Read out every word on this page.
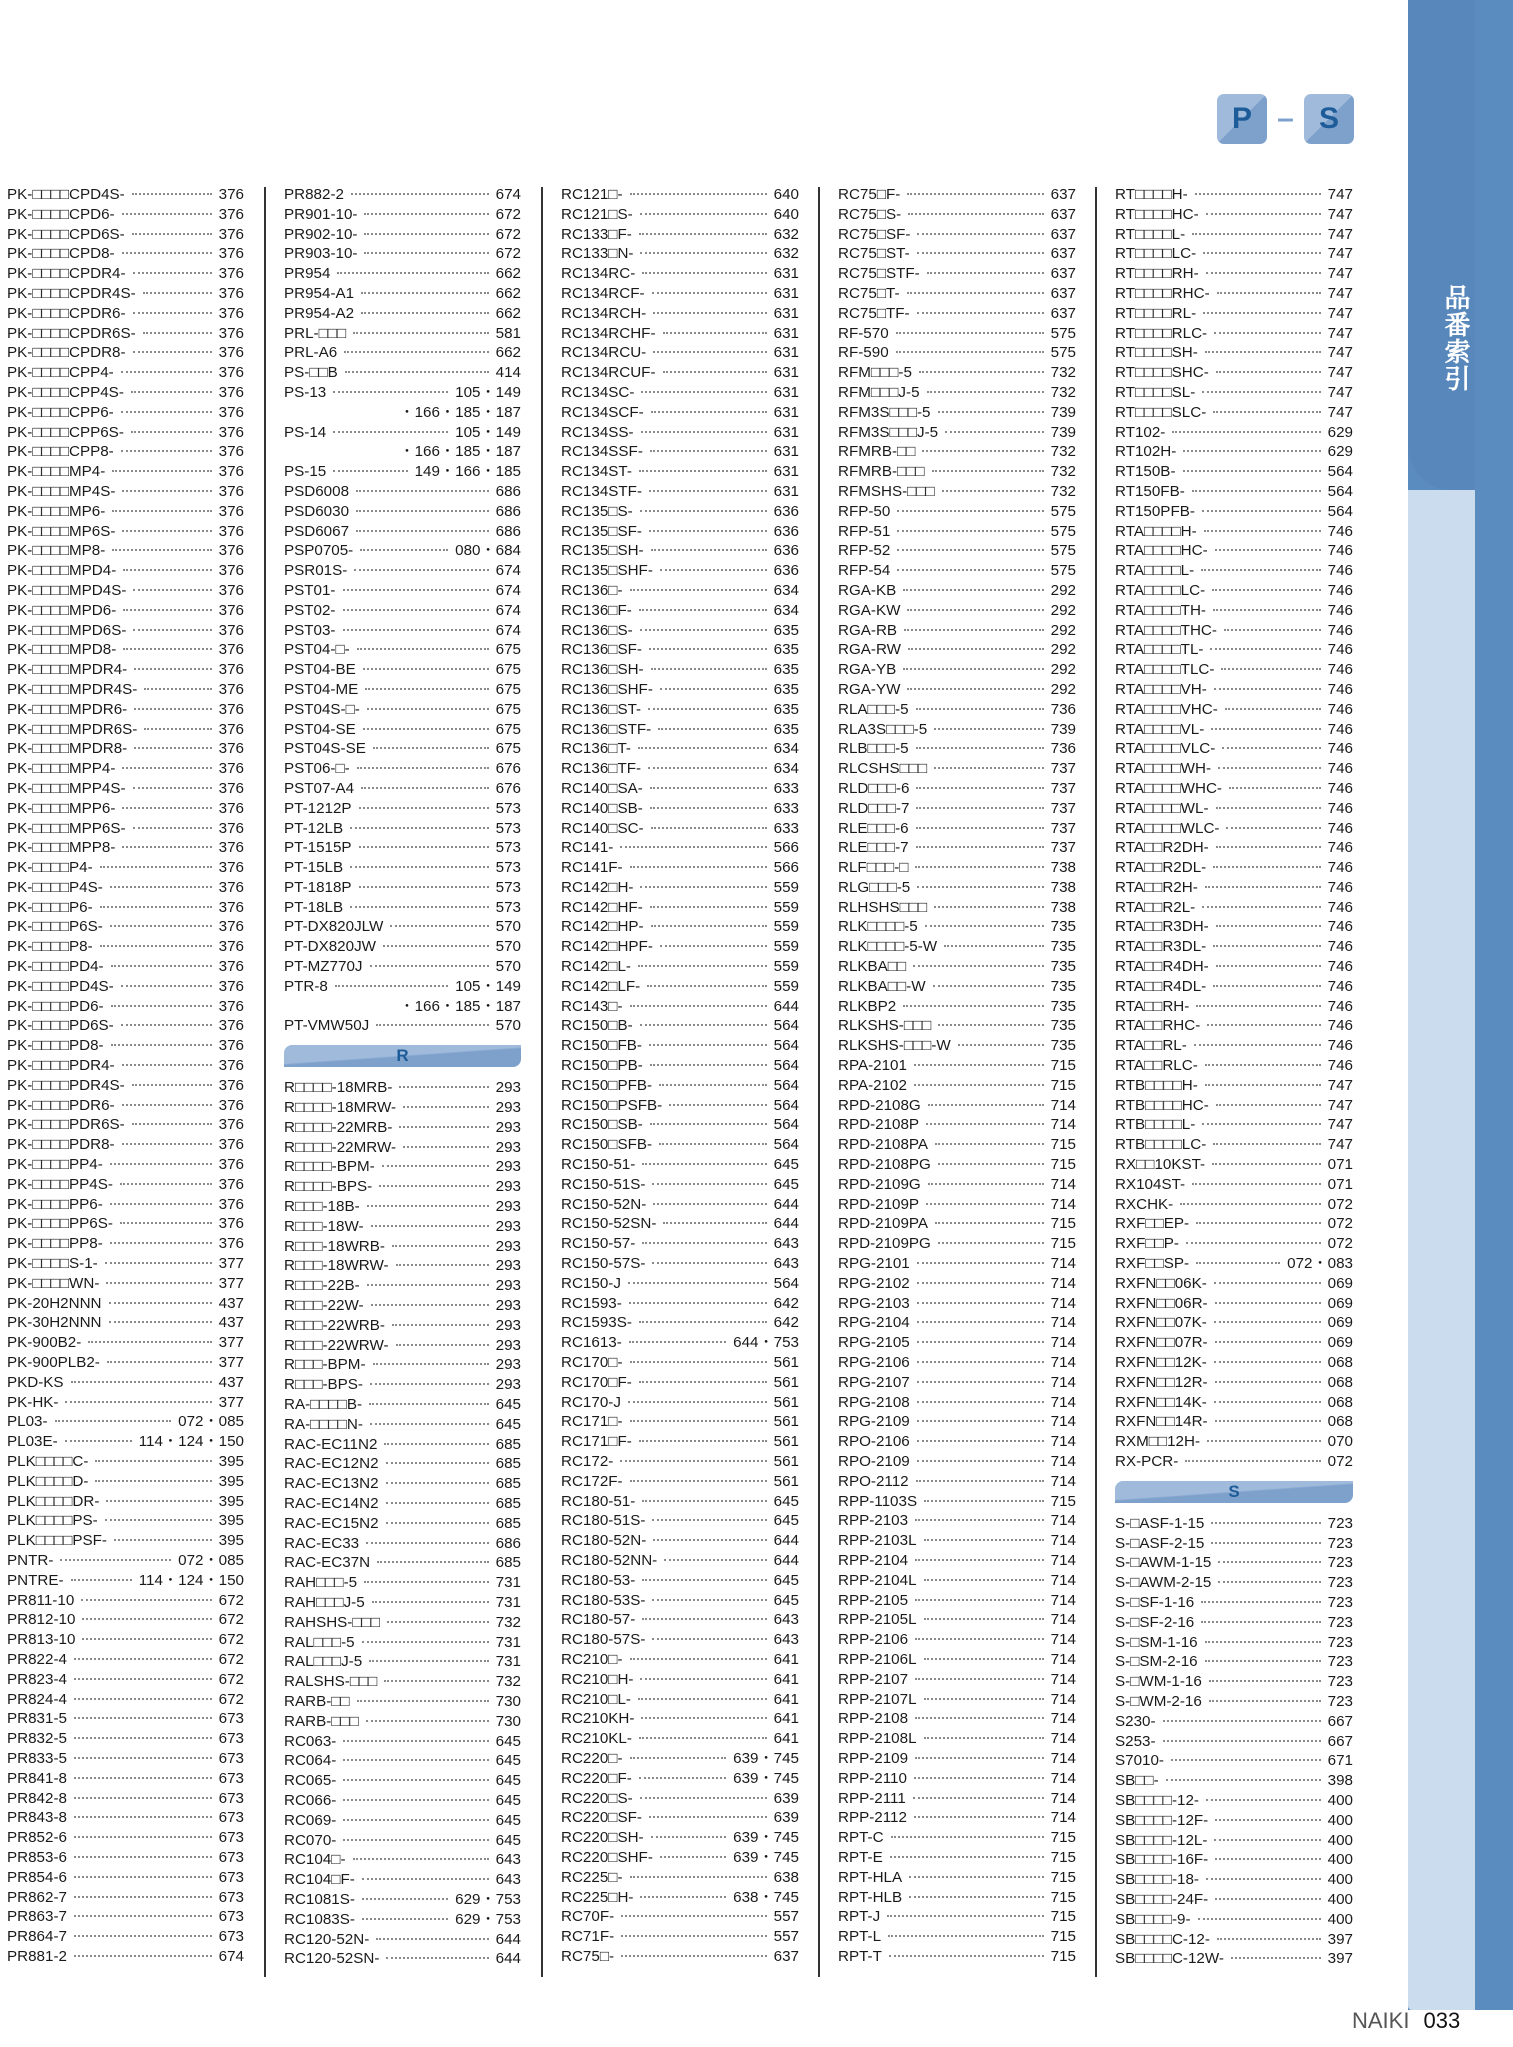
品番索引
P – S
PK-□□□□CPD4S-	376
PK-□□□□CPD6-	376
PK-□□□□CPD6S-	376
PK-□□□□CPD8-	376
PK-□□□□CPDR4-	376
PK-□□□□CPDR4S-	376
PK-□□□□CPDR6-	376
PK-□□□□CPDR6S-	376
PK-□□□□CPDR8-	376
PK-□□□□CPP4-	376
PK-□□□□CPP4S-	376
PK-□□□□CPP6-	376
PK-□□□□CPP6S-	376
PK-□□□□CPP8-	376
PK-□□□□MP4-	376
PK-□□□□MP4S-	376
PK-□□□□MP6-	376
PK-□□□□MP6S-	376
PK-□□□□MP8-	376
PK-□□□□MPD4-	376
PK-□□□□MPD4S-	376
PK-□□□□MPD6-	376
PK-□□□□MPD6S-	376
PK-□□□□MPD8-	376
PK-□□□□MPDR4-	376
PK-□□□□MPDR4S-	376
PK-□□□□MPDR6-	376
PK-□□□□MPDR6S-	376
PK-□□□□MPDR8-	376
PK-□□□□MPP4-	376
PK-□□□□MPP4S-	376
PK-□□□□MPP6-	376
PK-□□□□MPP6S-	376
PK-□□□□MPP8-	376
PK-□□□□P4-	376
PK-□□□□P4S-	376
PK-□□□□P6-	376
PK-□□□□P6S-	376
PK-□□□□P8-	376
PK-□□□□PD4-	376
PK-□□□□PD4S-	376
PK-□□□□PD6-	376
PK-□□□□PD6S-	376
PK-□□□□PD8-	376
PK-□□□□PDR4-	376
PK-□□□□PDR4S-	376
PK-□□□□PDR6-	376
PK-□□□□PDR6S-	376
PK-□□□□PDR8-	376
PK-□□□□PP4-	376
PK-□□□□PP4S-	376
PK-□□□□PP6-	376
PK-□□□□PP6S-	376
PK-□□□□PP8-	376
PK-□□□□S-1-	377
PK-□□□□WN-	377
PK-20H2NNN	437
PK-30H2NNN	437
PK-900B2-	377
PK-900PLB2-	377
PKD-KS	437
PK-HK-	377
PL03-	072・085
PL03E-	114・124・150
PLK□□□□C-	395
PLK□□□□D-	395
PLK□□□□DR-	395
PLK□□□□PS-	395
PLK□□□□PSF-	395
PNTR-	072・085
PNTRE-	114・124・150
PR811-10	672
PR812-10	672
PR813-10	672
PR822-4	672
PR823-4	672
PR824-4	672
PR831-5	673
PR832-5	673
PR833-5	673
PR841-8	673
PR842-8	673
PR843-8	673
PR852-6	673
PR853-6	673
PR854-6	673
PR862-7	673
PR863-7	673
PR864-7	673
PR881-2	674
PR882-2	674
PR901-10-	672
PR902-10-	672
PR903-10-	672
PR954	662
PR954-A1	662
PR954-A2	662
PRL-□□□	581
PRL-A6	662
PS-□□B	414
PS-13	105・149
・166・185・187
PS-14	105・149
・166・185・187
PS-15	149・166・185
PSD6008	686
PSD6030	686
PSD6067	686
PSP0705-	080・684
PSR01S-	674
PST01-	674
PST02-	674
PST03-	674
PST04-□-	675
PST04-BE	675
PST04-ME	675
PST04S-□-	675
PST04-SE	675
PST04S-SE	675
PST06-□-	676
PST07-A4	676
PT-1212P	573
PT-12LB	573
PT-1515P	573
PT-15LB	573
PT-1818P	573
PT-18LB	573
PT-DX820JLW	570
PT-DX820JW	570
PT-MZ770J	570
PTR-8	105・149
・166・185・187
PT-VMW50J	570
R
R□□□□-18MRB-	293
R□□□□-18MRW-	293
R□□□□-22MRB-	293
R□□□□-22MRW-	293
R□□□□-BPM-	293
R□□□□-BPS-	293
R□□□-18B-	293
R□□□-18W-	293
R□□□-18WRB-	293
R□□□-18WRW-	293
R□□□-22B-	293
R□□□-22W-	293
R□□□-22WRB-	293
R□□□-22WRW-	293
R□□□-BPM-	293
R□□□-BPS-	293
RA-□□□□B-	645
RA-□□□□N-	645
RAC-EC11N2	685
RAC-EC12N2	685
RAC-EC13N2	685
RAC-EC14N2	685
RAC-EC15N2	685
RAC-EC33	686
RAC-EC37N	685
RAH□□□-5	731
RAH□□□J-5	731
RAHSHS-□□□	732
RAL□□□-5	731
RAL□□□J-5	731
RALSHS-□□□	732
RARB-□□	730
RARB-□□□	730
RC063-	645
RC064-	645
RC065-	645
RC066-	645
RC069-	645
RC070-	645
RC104□-	643
RC104□F-	643
RC1081S-	629・753
RC1083S-	629・753
RC120-52N-	644
RC120-52SN-	644
RC121□-	640
RC121□S-	640
RC133□F-	632
RC133□N-	632
RC134RC-	631
RC134RCF-	631
RC134RCH-	631
RC134RCHF-	631
RC134RCU-	631
RC134RCUF-	631
RC134SC-	631
RC134SCF-	631
RC134SS-	631
RC134SSF-	631
RC134ST-	631
RC134STF-	631
RC135□S-	636
RC135□SF-	636
RC135□SH-	636
RC135□SHF-	636
RC136□-	634
RC136□F-	634
RC136□S-	635
RC136□SF-	635
RC136□SH-	635
RC136□SHF-	635
RC136□ST-	635
RC136□STF-	635
RC136□T-	634
RC136□TF-	634
RC140□SA-	633
RC140□SB-	633
RC140□SC-	633
RC141-	566
RC141F-	566
RC142□H-	559
RC142□HF-	559
RC142□HP-	559
RC142□HPF-	559
RC142□L-	559
RC142□LF-	559
RC143□-	644
RC150□B-	564
RC150□FB-	564
RC150□PB-	564
RC150□PFB-	564
RC150□PSFB-	564
RC150□SB-	564
RC150□SFB-	564
RC150-51-	645
RC150-51S-	645
RC150-52N-	644
RC150-52SN-	644
RC150-57-	643
RC150-57S-	643
RC150-J	564
RC1593-	642
RC1593S-	642
RC1613-	644・753
RC170□-	561
RC170□F-	561
RC170-J	561
RC171□-	561
RC171□F-	561
RC172-	561
RC172F-	561
RC180-51-	645
RC180-51S-	645
RC180-52N-	644
RC180-52NN-	644
RC180-53-	645
RC180-53S-	645
RC180-57-	643
RC180-57S-	643
RC210□-	641
RC210□H-	641
RC210□L-	641
RC210KH-	641
RC210KL-	641
RC220□-	639・745
RC220□F-	639・745
RC220□S-	639
RC220□SF-	639
RC220□SH-	639・745
RC220□SHF-	639・745
RC225□-	638
RC225□H-	638・745
RC70F-	557
RC71F-	557
RC75□-	637
RC75□F-	637
RC75□S-	637
RC75□SF-	637
RC75□ST-	637
RC75□STF-	637
RC75□T-	637
RC75□TF-	637
RF-570	575
RF-590	575
RFM□□□-5	732
RFM□□□J-5	732
RFM3S□□□-5	739
RFM3S□□□J-5	739
RFMRB-□□	732
RFMRB-□□□	732
RFMSHS-□□□	732
RFP-50	575
RFP-51	575
RFP-52	575
RFP-54	575
RGA-KB	292
RGA-KW	292
RGA-RB	292
RGA-RW	292
RGA-YB	292
RGA-YW	292
RLA□□□-5	736
RLA3S□□□-5	739
RLB□□□-5	736
RLCSHS□□□	737
RLD□□□-6	737
RLD□□□-7	737
RLE□□□-6	737
RLE□□□-7	737
RLF□□□-□	738
RLG□□□-5	738
RLHSHS□□□	738
RLK□□□□-5	735
RLK□□□□-5-W	735
RLKBA□□	735
RLKBA□□-W	735
RLKBP2	735
RLKSHS-□□□	735
RLKSHS-□□□-W	735
RPA-2101	715
RPA-2102	715
RPD-2108G	714
RPD-2108P	714
RPD-2108PA	715
RPD-2108PG	715
RPD-2109G	714
RPD-2109P	714
RPD-2109PA	715
RPD-2109PG	715
RPG-2101	714
RPG-2102	714
RPG-2103	714
RPG-2104	714
RPG-2105	714
RPG-2106	714
RPG-2107	714
RPG-2108	714
RPG-2109	714
RPO-2106	714
RPO-2109	714
RPO-2112	714
RPP-1103S	715
RPP-2103	714
RPP-2103L	714
RPP-2104	714
RPP-2104L	714
RPP-2105	714
RPP-2105L	714
RPP-2106	714
RPP-2106L	714
RPP-2107	714
RPP-2107L	714
RPP-2108	714
RPP-2108L	714
RPP-2109	714
RPP-2110	714
RPP-2111	714
RPP-2112	714
RPT-C	715
RPT-E	715
RPT-HLA	715
RPT-HLB	715
RPT-J	715
RPT-L	715
RPT-T	715
RT□□□□H-	747
RT□□□□HC-	747
RT□□□□L-	747
RT□□□□LC-	747
RT□□□□RH-	747
RT□□□□RHC-	747
RT□□□□RL-	747
RT□□□□RLC-	747
RT□□□□SH-	747
RT□□□□SHC-	747
RT□□□□SL-	747
RT□□□□SLC-	747
RT102-	629
RT102H-	629
RT150B-	564
RT150FB-	564
RT150PFB-	564
RTA□□□□H-	746
RTA□□□□HC-	746
RTA□□□□L-	746
RTA□□□□LC-	746
RTA□□□□TH-	746
RTA□□□□THC-	746
RTA□□□□TL-	746
RTA□□□□TLC-	746
RTA□□□□VH-	746
RTA□□□□VHC-	746
RTA□□□□VL-	746
RTA□□□□VLC-	746
RTA□□□□WH-	746
RTA□□□□WHC-	746
RTA□□□□WL-	746
RTA□□□□WLC-	746
RTA□□R2DH-	746
RTA□□R2DL-	746
RTA□□R2H-	746
RTA□□R2L-	746
RTA□□R3DH-	746
RTA□□R3DL-	746
RTA□□R4DH-	746
RTA□□R4DL-	746
RTA□□RH-	746
RTA□□RHC-	746
RTA□□RL-	746
RTA□□RLC-	746
RTB□□□□H-	747
RTB□□□□HC-	747
RTB□□□□L-	747
RTB□□□□LC-	747
RX□□10KST-	071
RX104ST-	071
RXCHK-	072
RXF□□EP-	072
RXF□□P-	072
RXF□□SP-	072・083
RXFN□□06K-	069
RXFN□□06R-	069
RXFN□□07K-	069
RXFN□□07R-	069
RXFN□□12K-	068
RXFN□□12R-	068
RXFN□□14K-	068
RXFN□□14R-	068
RXM□□12H-	070
RX-PCR-	072
S
S-□ASF-1-15	723
S-□ASF-2-15	723
S-□AWM-1-15	723
S-□AWM-2-15	723
S-□SF-1-16	723
S-□SF-2-16	723
S-□SM-1-16	723
S-□SM-2-16	723
S-□WM-1-16	723
S-□WM-2-16	723
S230-	667
S253-	667
S7010-	671
SB□□-	398
SB□□□□-12-	400
SB□□□□-12F-	400
SB□□□□-12L-	400
SB□□□□-16F-	400
SB□□□□-18-	400
SB□□□□-24F-	400
SB□□□□-9-	400
SB□□□□C-12-	397
SB□□□□C-12W-	397
NAIKI 033
